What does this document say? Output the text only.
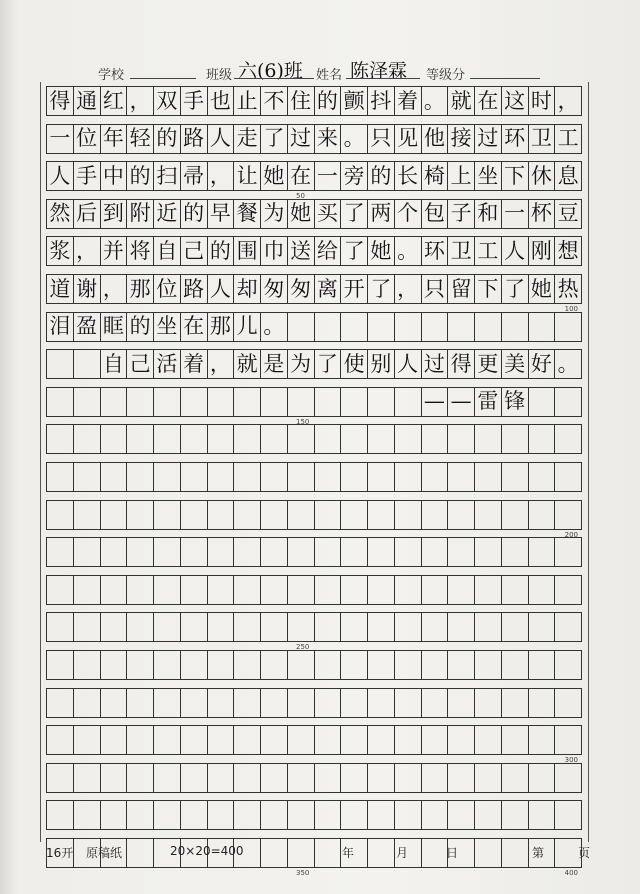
学校	班级 六(6)班 姓名 陈泽霖 等级分
得 通 红 ， 双 手 也 止 不 住 的 颤 抖 着 。 就 在 这 时 ，
一 位 年 轻 的 路 人 走 了 过 来 。 只 见 他 接 过 环 卫 工
人 手 中 的 扫 帚 ， 让 她 在 一 旁 的 长 椅 上 坐 下 休 息
然 后 到 附 近 的 早 餐 为 她 买 了 两 个 包 子 和 一 杯 豆
浆 ， 并 将 自 己 的 围 巾 送 给 了 她 。 环 卫 工 人 刚 想
道 谢 ， 那 位 路 人 却 匆 匆 离 开 了 ， 只 留 下 了 她 热
泪 盈 眶 的 坐 在 那 儿 。
自 己 活 着 ， 就 是 为 了 使 别 人 过 得 更 美 好 。
— — 雷 锋
50
100
150
200
250
300
350	400
16开 原稿纸	20×20=400	年	月	日	第	页
